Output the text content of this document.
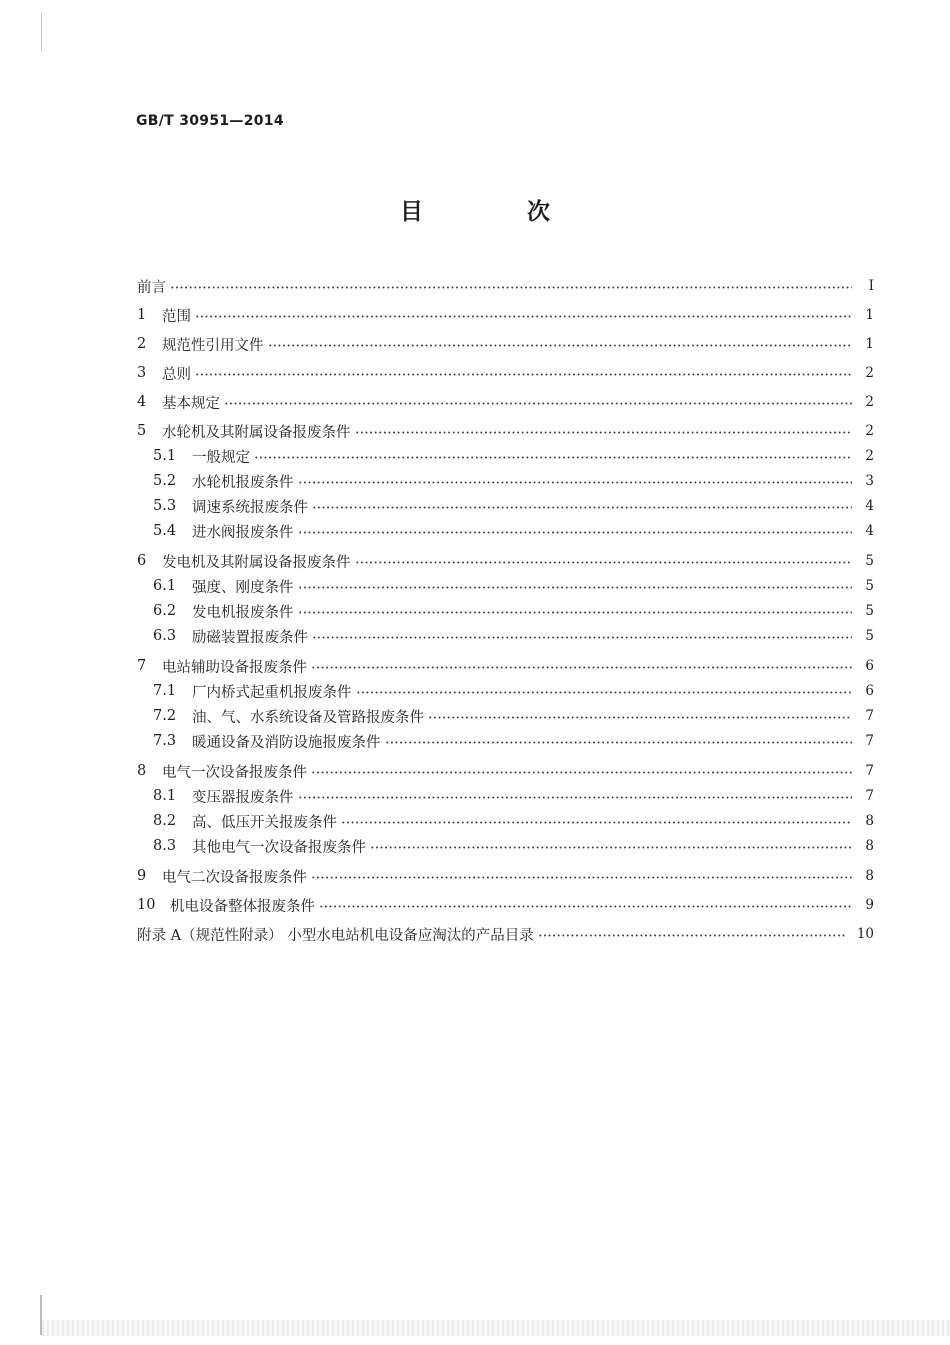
GB/T 30951—2014
目 次
前言	Ⅰ
1	范围	1
2	规范性引用文件	1
3	总则	2
4	基本规定	2
5	水轮机及其附属设备报废条件	2
5.1	一般规定	2
5.2	水轮机报废条件	3
5.3	调速系统报废条件	4
5.4	进水阀报废条件	4
6	发电机及其附属设备报废条件	5
6.1	强度、刚度条件	5
6.2	发电机报废条件	5
6.3	励磁装置报废条件	5
7	电站辅助设备报废条件	6
7.1	厂内桥式起重机报废条件	6
7.2	油、气、水系统设备及管路报废条件	7
7.3	暖通设备及消防设施报废条件	7
8	电气一次设备报废条件	7
8.1	变压器报废条件	7
8.2	高、低压开关报废条件	8
8.3	其他电气一次设备报废条件	8
9	电气二次设备报废条件	8
10	机电设备整体报废条件	9
附录 A（规范性附录） 小型水电站机电设备应淘汰的产品目录	10
